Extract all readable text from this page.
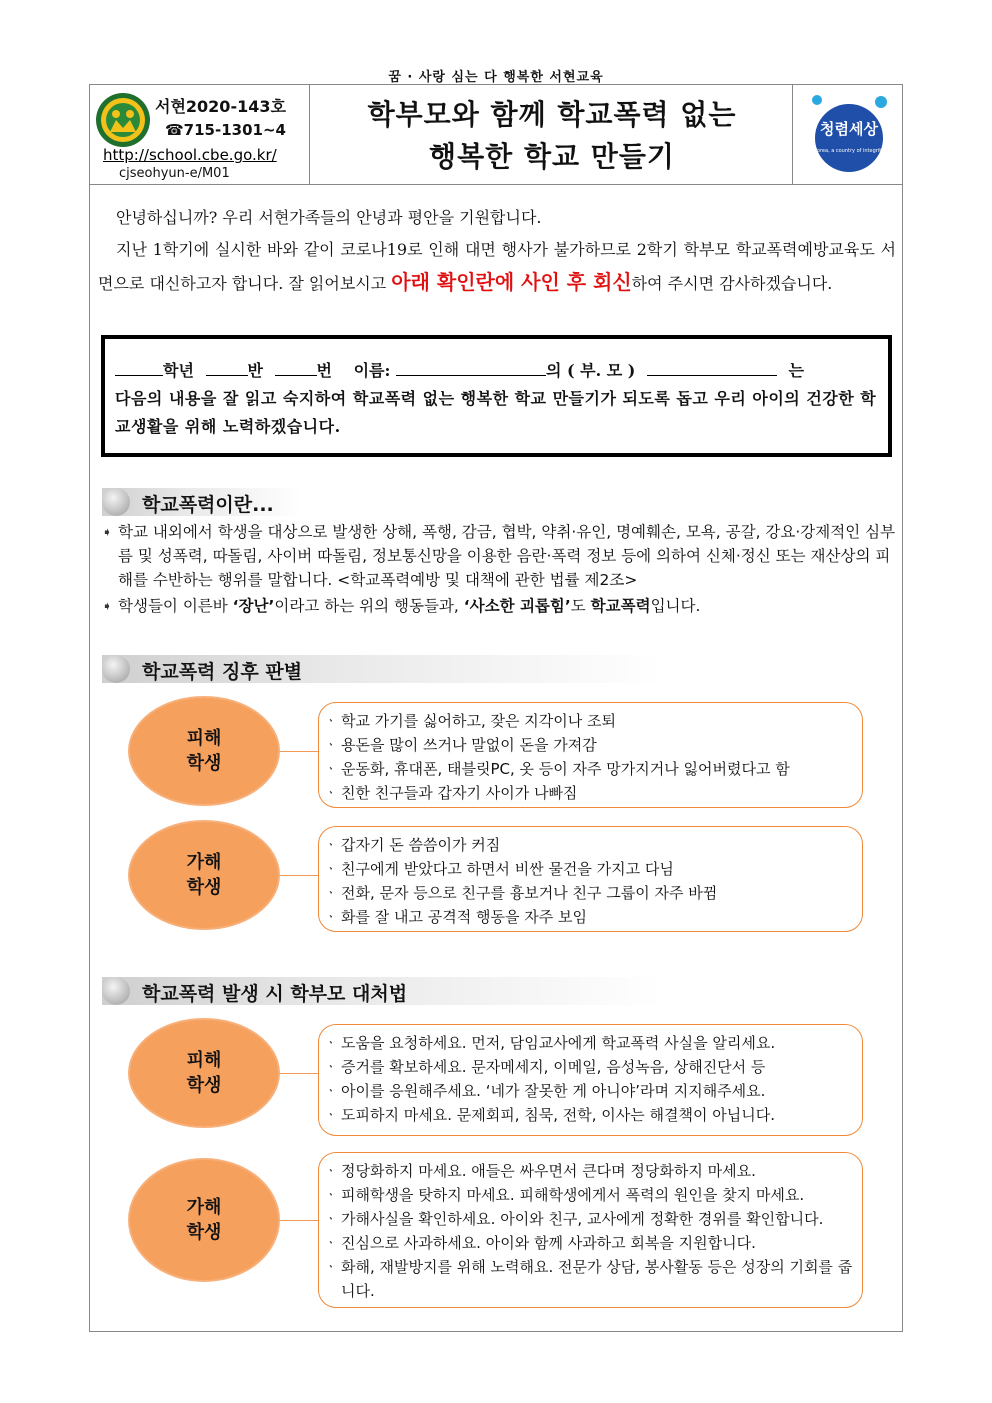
꿈 · 사랑 심는 다 행복한 서현교육
서현2020-143호
☎715-1301~4
http://school.cbe.go.kr/
cjseohyun-e/M01
학부모와 함께 학교폭력 없는
행복한 학교 만들기
청렴세상
Korea, a country of integrity

안녕하십니까? 우리 서현가족들의 안녕과 평안을 기원합니다.

지난 1학기에 실시한 바와 같이 코로나19로 인해 대면 행사가 불가하므로 2학기 학부모 학교폭력예방교육도 서면으로 대신하고자 합니다. 잘 읽어보시고 아래 확인란에 사인 후 회신하여 주시면 감사하겠습니다.

학년	반	번 이름:	의 ( 부. 모 )	는
다음의 내용을 잘 읽고 숙지하여 학교폭력 없는 행복한 학교 만들기가 되도록 돕고 우리 아이의 건강한 학교생활을 위해 노력하겠습니다.
학교폭력이란...
➧ 학교 내외에서 학생을 대상으로 발생한 상해, 폭행, 감금, 협박, 약취·유인, 명예훼손, 모욕, 공갈, 강요·강제적인 심부름 및 성폭력, 따돌림, 사이버 따돌림, 정보통신망을 이용한 음란·폭력 정보 등에 의하여 신체·정신 또는 재산상의 피해를 수반하는 행위를 말합니다. <학교폭력예방 및 대책에 관한 법률 제2조>
➧ 학생들이 이른바 ‘장난’이라고 하는 위의 행동들과, ‘사소한 괴롭힘’도 학교폭력입니다.
학교폭력 징후 판별
피해
학생
ㆍ 학교 가기를 싫어하고, 잦은 지각이나 조퇴
ㆍ 용돈을 많이 쓰거나 말없이 돈을 가져감
ㆍ 운동화, 휴대폰, 태블릿PC, 옷 등이 자주 망가지거나 잃어버렸다고 함
ㆍ 친한 친구들과 갑자기 사이가 나빠짐
가해
학생
ㆍ 갑자기 돈 씀씀이가 커짐
ㆍ 친구에게 받았다고 하면서 비싼 물건을 가지고 다님
ㆍ 전화, 문자 등으로 친구를 흉보거나 친구 그룹이 자주 바뀜
ㆍ 화를 잘 내고 공격적 행동을 자주 보임
학교폭력 발생 시 학부모 대처법
피해
학생
ㆍ 도움을 요청하세요. 먼저, 담임교사에게 학교폭력 사실을 알리세요.
ㆍ 증거를 확보하세요. 문자메세지, 이메일, 음성녹음, 상해진단서 등
ㆍ 아이를 응원해주세요. ‘네가 잘못한 게 아니야’라며 지지해주세요.
ㆍ 도피하지 마세요. 문제회피, 침묵, 전학, 이사는 해결책이 아닙니다.
가해
학생
ㆍ 정당화하지 마세요. 애들은 싸우면서 큰다며 정당화하지 마세요.
ㆍ 피해학생을 탓하지 마세요. 피해학생에게서 폭력의 원인을 찾지 마세요.
ㆍ 가해사실을 확인하세요. 아이와 친구, 교사에게 정확한 경위를 확인합니다.
ㆍ 진심으로 사과하세요. 아이와 함께 사과하고 회복을 지원합니다.
ㆍ 화해, 재발방지를 위해 노력해요. 전문가 상담, 봉사활동 등은 성장의 기회를 줍니다.
